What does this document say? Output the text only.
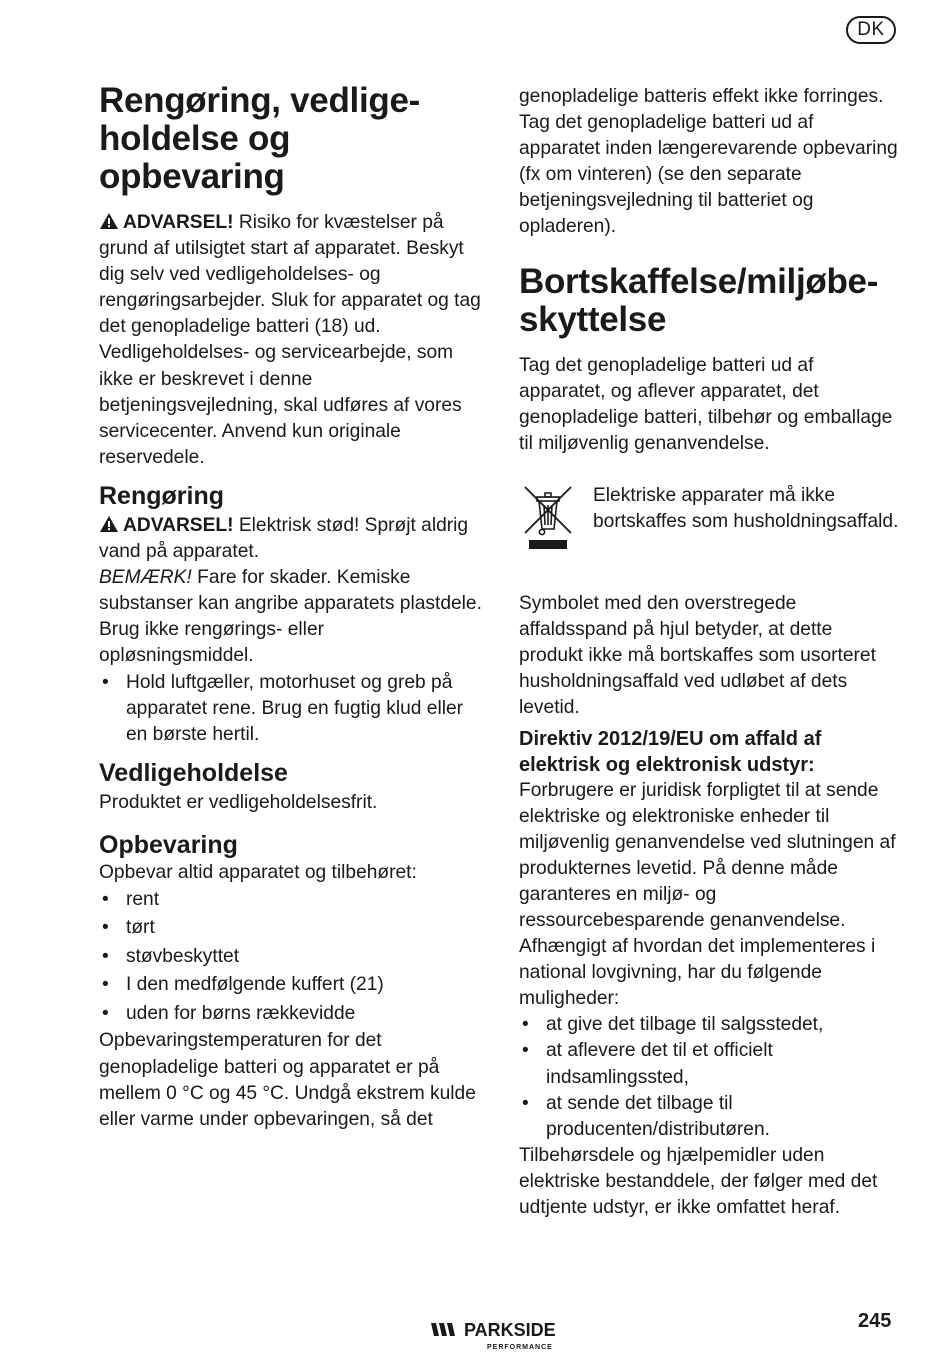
DK
Rengøring, vedlige-holdelse og opbevaring

ADVARSEL! Risiko for kvæstelser på grund af utilsigtet start af apparatet. Beskyt dig selv ved vedligeholdelses- og rengøringsarbejder. Sluk for apparatet og tag det genopladelige batteri (18) ud. Vedligeholdelses- og servicearbejde, som ikke er beskrevet i denne betjeningsvejledning, skal udføres af vores servicecenter. Anvend kun originale reservedele.

Rengøring

ADVARSEL! Elektrisk stød! Sprøjt aldrig vand på apparatet.

BEMÆRK! Fare for skader. Kemiske substanser kan angribe apparatets plastdele. Brug ikke rengørings- eller opløsningsmiddel.

• Hold luftgæller, motorhuset og greb på apparatet rene. Brug en fugtig klud eller en børste hertil.
Vedligeholdelse

Produktet er vedligeholdelsesfrit.

Opbevaring

Opbevar altid apparatet og tilbehøret:

• rent
• tørt
• støvbeskyttet
• I den medfølgende kuffert (21)
• uden for børns rækkevidde

Opbevaringstemperaturen for det genopladelige batteri og apparatet er på mellem 0 °C og 45 °C. Undgå ekstrem kulde eller varme under opbevaringen, så det

genopladelige batteris effekt ikke forringes.

Tag det genopladelige batteri ud af apparatet inden længerevarende opbevaring (fx om vinteren) (se den separate betjeningsvejledning til batteriet og opladeren).

Bortskaffelse/miljøbe-skyttelse

Tag det genopladelige batteri ud af apparatet, og aflever apparatet, det genopladelige batteri, tilbehør og emballage til miljøvenlig genanvendelse.

Elektriske apparater må ikke bortskaffes som husholdningsaffald.

Symbolet med den overstregede affaldsspand på hjul betyder, at dette produkt ikke må bortskaffes som usorteret husholdningsaffald ved udløbet af dets levetid.

Direktiv 2012/19/EU om affald af elektrisk og elektronisk udstyr:

Forbrugere er juridisk forpligtet til at sende elektriske og elektroniske enheder til miljøvenlig genanvendelse ved slutningen af produkternes levetid. På denne måde garanteres en miljø- og ressourcebesparende genanvendelse.

Afhængigt af hvordan det implementeres i national lovgivning, har du følgende muligheder:

• at give det tilbage til salgsstedet,
• at aflevere det til et officielt indsamlingssted,
• at sende det tilbage til producenten/distributøren.

Tilbehørsdele og hjælpemidler uden elektriske bestanddele, der følger med det udtjente udstyr, er ikke omfattet heraf.

PARKSIDE
PERFORMANCE
245
